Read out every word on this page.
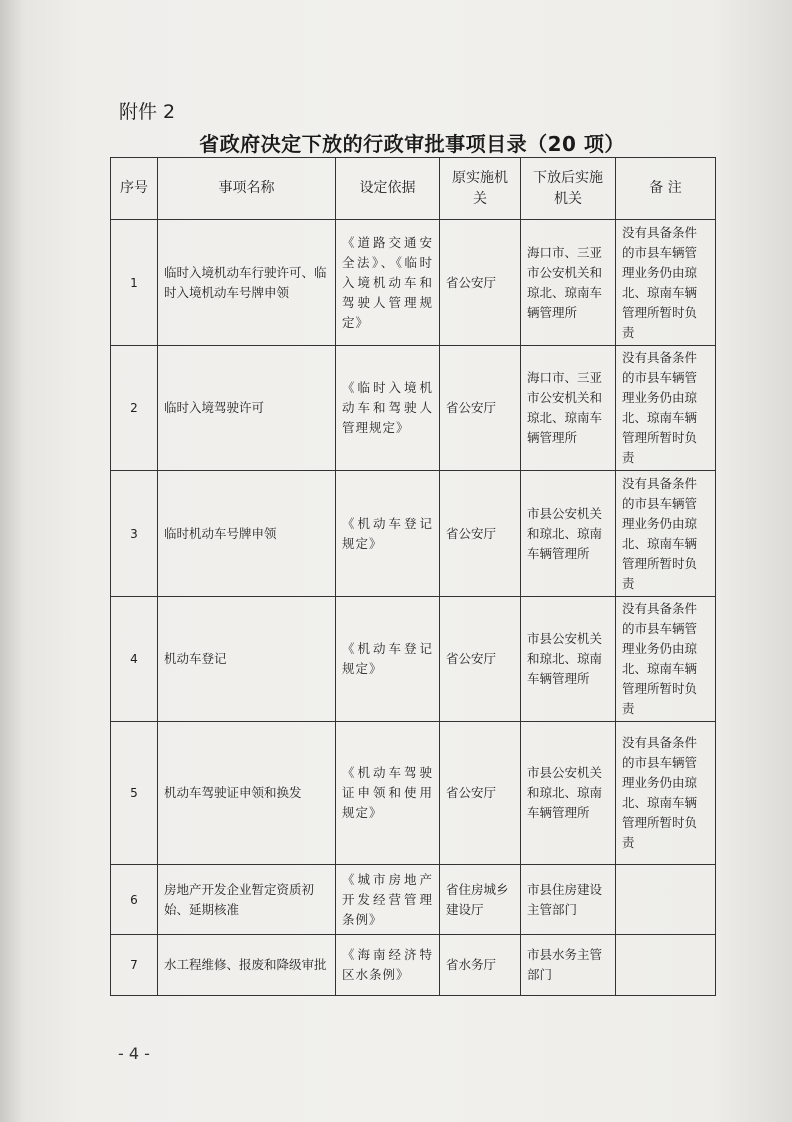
附件 2
省政府决定下放的行政审批事项目录（20 项）
序号	事项名称	设定依据	原实施机关	下放后实施机关	备 注
1	临时入境机动车行驶许可、临时入境机动车号牌申领	《道路交通安全法》、《临时入境机动车和驾驶人管理规定》	省公安厅	海口市、三亚市公安机关和琼北、琼南车辆管理所	没有具备条件的市县车辆管理业务仍由琼北、琼南车辆管理所暂时负责
2	临时入境驾驶许可	《临时入境机动车和驾驶人管理规定》	省公安厅	海口市、三亚市公安机关和琼北、琼南车辆管理所	没有具备条件的市县车辆管理业务仍由琼北、琼南车辆管理所暂时负责
3	临时机动车号牌申领	《机动车登记规定》	省公安厅	市县公安机关和琼北、琼南车辆管理所	没有具备条件的市县车辆管理业务仍由琼北、琼南车辆管理所暂时负责
4	机动车登记	《机动车登记规定》	省公安厅	市县公安机关和琼北、琼南车辆管理所	没有具备条件的市县车辆管理业务仍由琼北、琼南车辆管理所暂时负责
5	机动车驾驶证申领和换发	《机动车驾驶证申领和使用规定》	省公安厅	市县公安机关和琼北、琼南车辆管理所	没有具备条件的市县车辆管理业务仍由琼北、琼南车辆管理所暂时负责
6	房地产开发企业暂定资质初始、延期核准	《城市房地产开发经营管理条例》	省住房城乡建设厅	市县住房建设主管部门	
7	水工程维修、报废和降级审批	《海南经济特区水条例》	省水务厅	市县水务主管部门	
- 4 -
